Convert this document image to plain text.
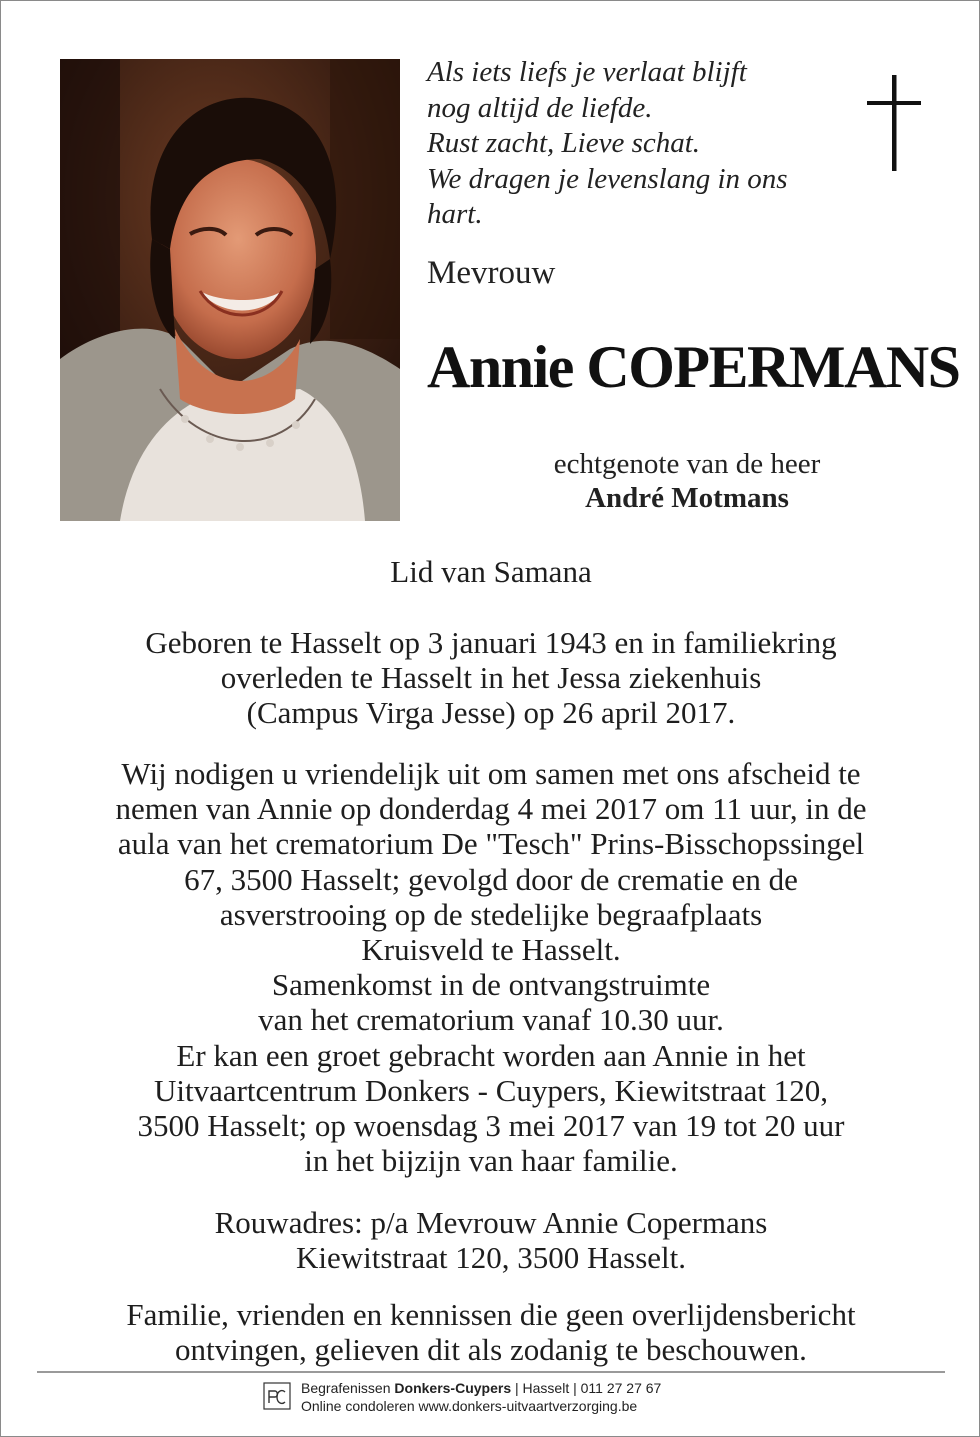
Als iets liefs je verlaat blijft
nog altijd de liefde.
Rust zacht, Lieve schat.
We dragen je levenslang in ons
hart.
Mevrouw
Annie COPERMANS
echtgenote van de heer
André Motmans
Lid van Samana
Geboren te Hasselt op 3 januari 1943 en in familiekring
overleden te Hasselt in het Jessa ziekenhuis
(Campus Virga Jesse) op 26 april 2017.
Wij nodigen u vriendelijk uit om samen met ons afscheid te
nemen van Annie op donderdag 4 mei 2017 om 11 uur, in de
aula van het crematorium De "Tesch" Prins-Bisschopssingel
67, 3500 Hasselt; gevolgd door de crematie en de
asverstrooing op de stedelijke begraafplaats
Kruisveld te Hasselt.
Samenkomst in de ontvangstruimte
van het crematorium vanaf 10.30 uur.
Er kan een groet gebracht worden aan Annie in het
Uitvaartcentrum Donkers - Cuypers, Kiewitstraat 120,
3500 Hasselt; op woensdag 3 mei 2017 van 19 tot 20 uur
in het bijzijn van haar familie.
Rouwadres: p/a Mevrouw Annie Copermans
Kiewitstraat 120, 3500 Hasselt.
Familie, vrienden en kennissen die geen overlijdensbericht
ontvingen, gelieven dit als zodanig te beschouwen.
Begrafenissen Donkers-Cuypers | Hasselt | 011 27 27 67
Online condoleren www.donkers-uitvaartverzorging.be
